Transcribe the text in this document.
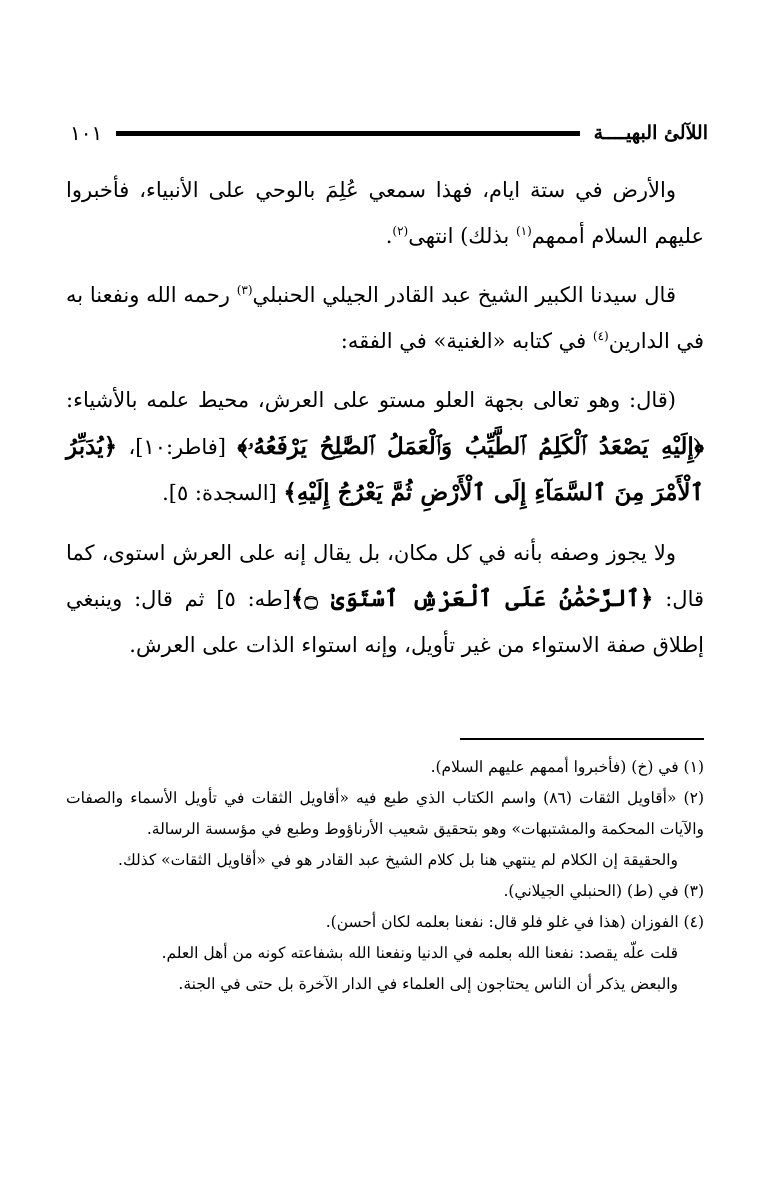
اللآلئ البهيــــة
١٠١

والأرض في ستة ايام، فهذا سمعي عُلِمَ بالوحي على الأنبياء، فأخبروا عليهم السلام أممهم$^{(١)}$ بذلك) انتهى$^{(٢)}$.

قال سيدنا الكبير الشيخ عبد القادر الجيلي الحنبلي$^{(٣)}$ رحمه الله ونفعنا به في الدارين$^{(٤)}$ في كتابه «الغنية» في الفقه:

(قال: وهو تعالى بجهة العلو مستو على العرش، محيط علمه بالأشياء: ﴿إِلَيْهِ يَصْعَدُ ٱلْكَلِمُ ٱلطَّيِّبُ وَٱلْعَمَلُ ٱلصَّٰلِحُ يَرْفَعُهُۥ﴾ [فاطر:١٠]، ﴿يُدَبِّرُ ٱلْأَمْرَ مِنَ ٱلسَّمَآءِ إِلَى ٱلْأَرْضِ ثُمَّ يَعْرُجُ إِلَيْهِ﴾ [السجدة: ٥].

ولا يجوز وصفه بأنه في كل مكان، بل يقال إنه على العرش استوى، كما قال: ﴿ٱلرَّحْمَٰنُ عَلَى ٱلْعَرْشِ ٱسْتَوَىٰ ۝﴾[طه: ٥] ثم قال: وينبغي إطلاق صفة الاستواء من غير تأويل، وإنه استواء الذات على العرش.

(١) في (خ) (فأخبروا أممهم عليهم السلام).

(٢) «أقاويل الثقات (٨٦) واسم الكتاب الذي طبع فيه «أقاويل الثقات في تأويل الأسماء والصفات والآيات المحكمة والمشتبهات» وهو بتحقيق شعيب الأرناؤوط وطبع في مؤسسة الرسالة.

والحقيقة إن الكلام لم ينتهي هنا بل كلام الشيخ عبد القادر هو في «أقاويل الثقات» كذلك.

(٣) في (ط) (الحنبلي الجيلاني).

(٤) الفوزان (هذا في غلو فلو قال: نفعنا بعلمه لكان أحسن).

قلت علّه يقصد: نفعنا الله بعلمه في الدنيا ونفعنا الله بشفاعته كونه من أهل العلم.

والبعض يذكر أن الناس يحتاجون إلى العلماء في الدار الآخرة بل حتى في الجنة.
